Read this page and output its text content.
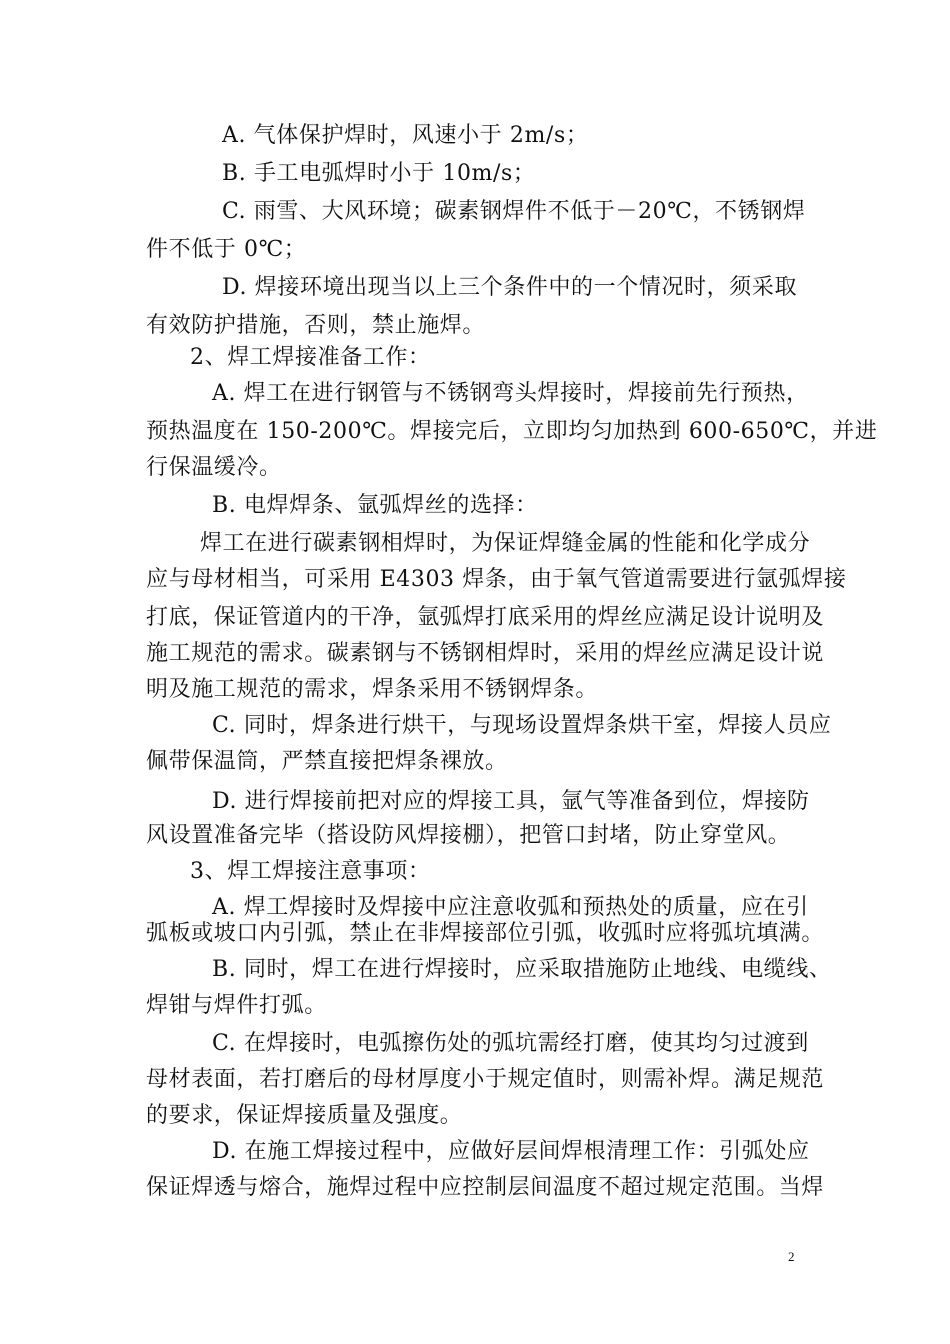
A. 气体保护焊时，风速小于 2m/s；
B. 手工电弧焊时小于 10m/s；
C. 雨雪、大风环境；碳素钢焊件不低于－20℃，不锈钢焊
件不低于 0℃；
D. 焊接环境出现当以上三个条件中的一个情况时，须采取
有效防护措施，否则，禁止施焊。
2、焊工焊接准备工作：
A. 焊工在进行钢管与不锈钢弯头焊接时，焊接前先行预热，
预热温度在 150-200℃。焊接完后，立即均匀加热到 600-650℃，并进
行保温缓冷。
B. 电焊焊条、氩弧焊丝的选择：
焊工在进行碳素钢相焊时，为保证焊缝金属的性能和化学成分
应与母材相当，可采用 E4303 焊条，由于氧气管道需要进行氩弧焊接
打底，保证管道内的干净，氩弧焊打底采用的焊丝应满足设计说明及
施工规范的需求。碳素钢与不锈钢相焊时，采用的焊丝应满足设计说
明及施工规范的需求，焊条采用不锈钢焊条。
C. 同时，焊条进行烘干，与现场设置焊条烘干室，焊接人员应
佩带保温筒，严禁直接把焊条裸放。
D. 进行焊接前把对应的焊接工具，氩气等准备到位，焊接防
风设置准备完毕（搭设防风焊接棚），把管口封堵，防止穿堂风。
3、焊工焊接注意事项：
A. 焊工焊接时及焊接中应注意收弧和预热处的质量，应在引
弧板或坡口内引弧，禁止在非焊接部位引弧，收弧时应将弧坑填满。
B. 同时，焊工在进行焊接时，应采取措施防止地线、电缆线、
焊钳与焊件打弧。
C. 在焊接时，电弧擦伤处的弧坑需经打磨，使其均匀过渡到
母材表面，若打磨后的母材厚度小于规定值时，则需补焊。满足规范
的要求，保证焊接质量及强度。
D. 在施工焊接过程中，应做好层间焊根清理工作：引弧处应
保证焊透与熔合，施焊过程中应控制层间温度不超过规定范围。当焊
2
